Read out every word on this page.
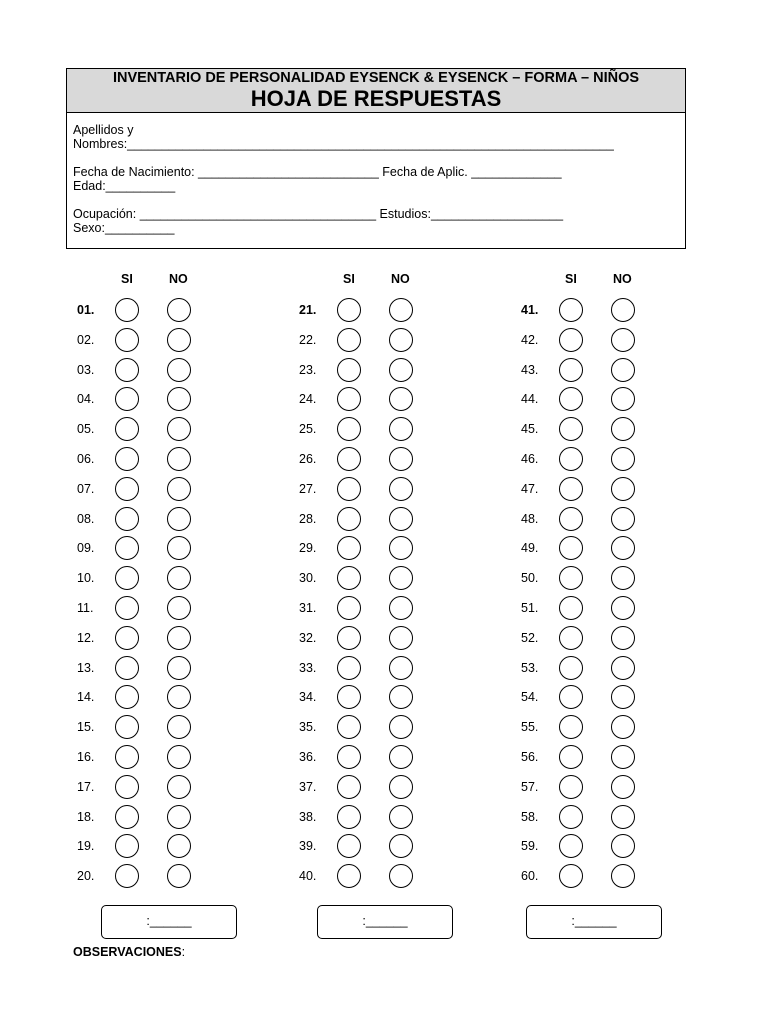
INVENTARIO DE PERSONALIDAD EYSENCK & EYSENCK – FORMA – NIÑOS
HOJA DE RESPUESTAS
Apellidos y
Nombres:______________________________________________________________________
Fecha de Nacimiento: __________________________ Fecha de Aplic. _____________
Edad:__________
Ocupación: __________________________________ Estudios:___________________
Sexo:__________
SI	NO
01.
02.
03.
04.
05.
06.
07.
08.
09.
10.
11.
12.
13.
14.
15.
16.
17.
18.
19.
20.
SI	NO
21.
22.
23.
24.
25.
26.
27.
28.
29.
30.
31.
32.
33.
34.
35.
36.
37.
38.
39.
40.
SI	NO
41.
42.
43.
44.
45.
46.
47.
48.
49.
50.
51.
52.
53.
54.
55.
56.
57.
58.
59.
60.
:______	:______	:______
OBSERVACIONES:
